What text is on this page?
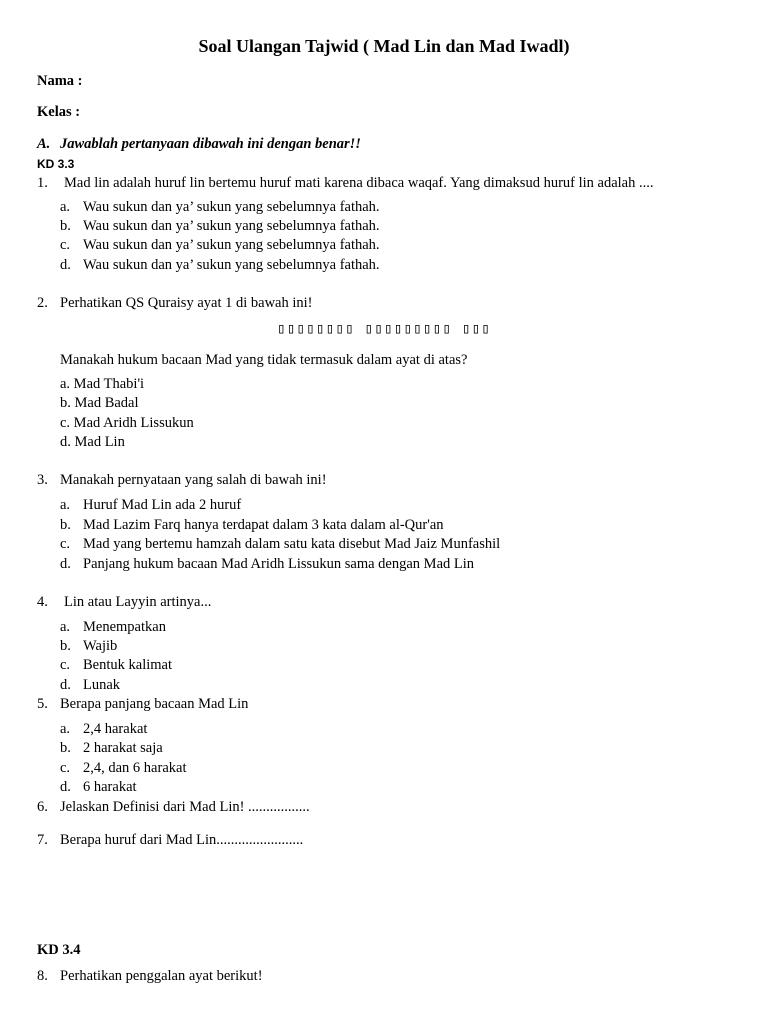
Soal Ulangan Tajwid ( Mad Lin dan Mad Iwadl)
Nama :
Kelas :
A. Jawablah pertanyaan dibawah ini dengan benar!!
KD 3.3
1. Mad lin adalah huruf lin bertemu huruf mati karena dibaca waqaf. Yang dimaksud huruf lin adalah ....
a. Wau sukun dan ya’ sukun yang sebelumnya fathah.
b. Wau sukun dan ya’ sukun yang sebelumnya fathah.
c. Wau sukun dan ya’ sukun yang sebelumnya fathah.
d. Wau sukun dan ya’ sukun yang sebelumnya fathah.
2. Perhatikan QS Quraisy ayat 1 di bawah ini!
▯▯▯▯▯▯▯▯ ▯▯▯▯▯▯▯▯▯ ▯▯▯
Manakah hukum bacaan Mad yang tidak termasuk dalam ayat di atas?
a. Mad Thabi'i
b. Mad Badal
c. Mad Aridh Lissukun
d. Mad Lin
3. Manakah pernyataan yang salah di bawah ini!
a. Huruf Mad Lin ada 2 huruf
b. Mad Lazim Farq hanya terdapat dalam 3 kata dalam al-Qur'an
c. Mad yang bertemu hamzah dalam satu kata disebut Mad Jaiz Munfashil
d. Panjang hukum bacaan Mad Aridh Lissukun sama dengan Mad Lin
4. Lin atau Layyin artinya...
a. Menempatkan
b. Wajib
c. Bentuk kalimat
d. Lunak
5. Berapa panjang bacaan Mad Lin
a. 2,4 harakat
b. 2 harakat saja
c. 2,4, dan 6 harakat
d. 6 harakat
6. Jelaskan Definisi dari Mad Lin! .................
7. Berapa huruf dari Mad Lin........................
KD 3.4
8. Perhatikan penggalan ayat berikut!
